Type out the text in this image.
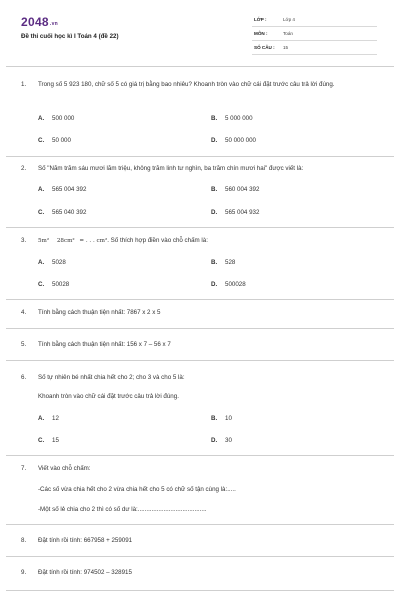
2048.vn
Đề thi cuối học kì I Toán 4 (đề 22)
LỚP :	Lớp 4
MÔN :	Toán
SỐ CÂU : 15
1. Trong số 5 923 180, chữ số 5 có giá trị bằng bao nhiêu? Khoanh tròn vào chữ cái đặt trước câu trả lời đúng.
A. 500 000	B. 5 000 000
C. 50 000	D. 50 000 000
2. Số "Năm trăm sáu mươi lăm triệu, không trăm linh tư nghìn, ba trăm chín mươi hai" được viết là:
A. 565 004 392	B. 560 004 392
C. 565 040 392	D. 565 004 932
3. 5m² 28cm² = . . . cm². Số thích hợp điền vào chỗ chấm là:
A. 5028	B. 528
C. 50028	D. 500028
4. Tính bằng cách thuận tiện nhất: 7867 x 2 x 5
5. Tính bằng cách thuận tiện nhất: 156 x 7 – 56 x 7
6. Số tự nhiên bé nhất chia hết cho 2; cho 3 và cho 5 là:
Khoanh tròn vào chữ cái đặt trước câu trả lời đúng.
A. 12	B. 10
C. 15	D. 30
7. Viết vào chỗ chấm:
-Các số vừa chia hết cho 2 vừa chia hết cho 5 có chữ số tận cùng là:.....
-Một số lẻ chia cho 2 thì có số dư là:........................................
8. Đặt tính rồi tính: 667958 + 259091
9. Đặt tính rồi tính: 974502 – 328915
